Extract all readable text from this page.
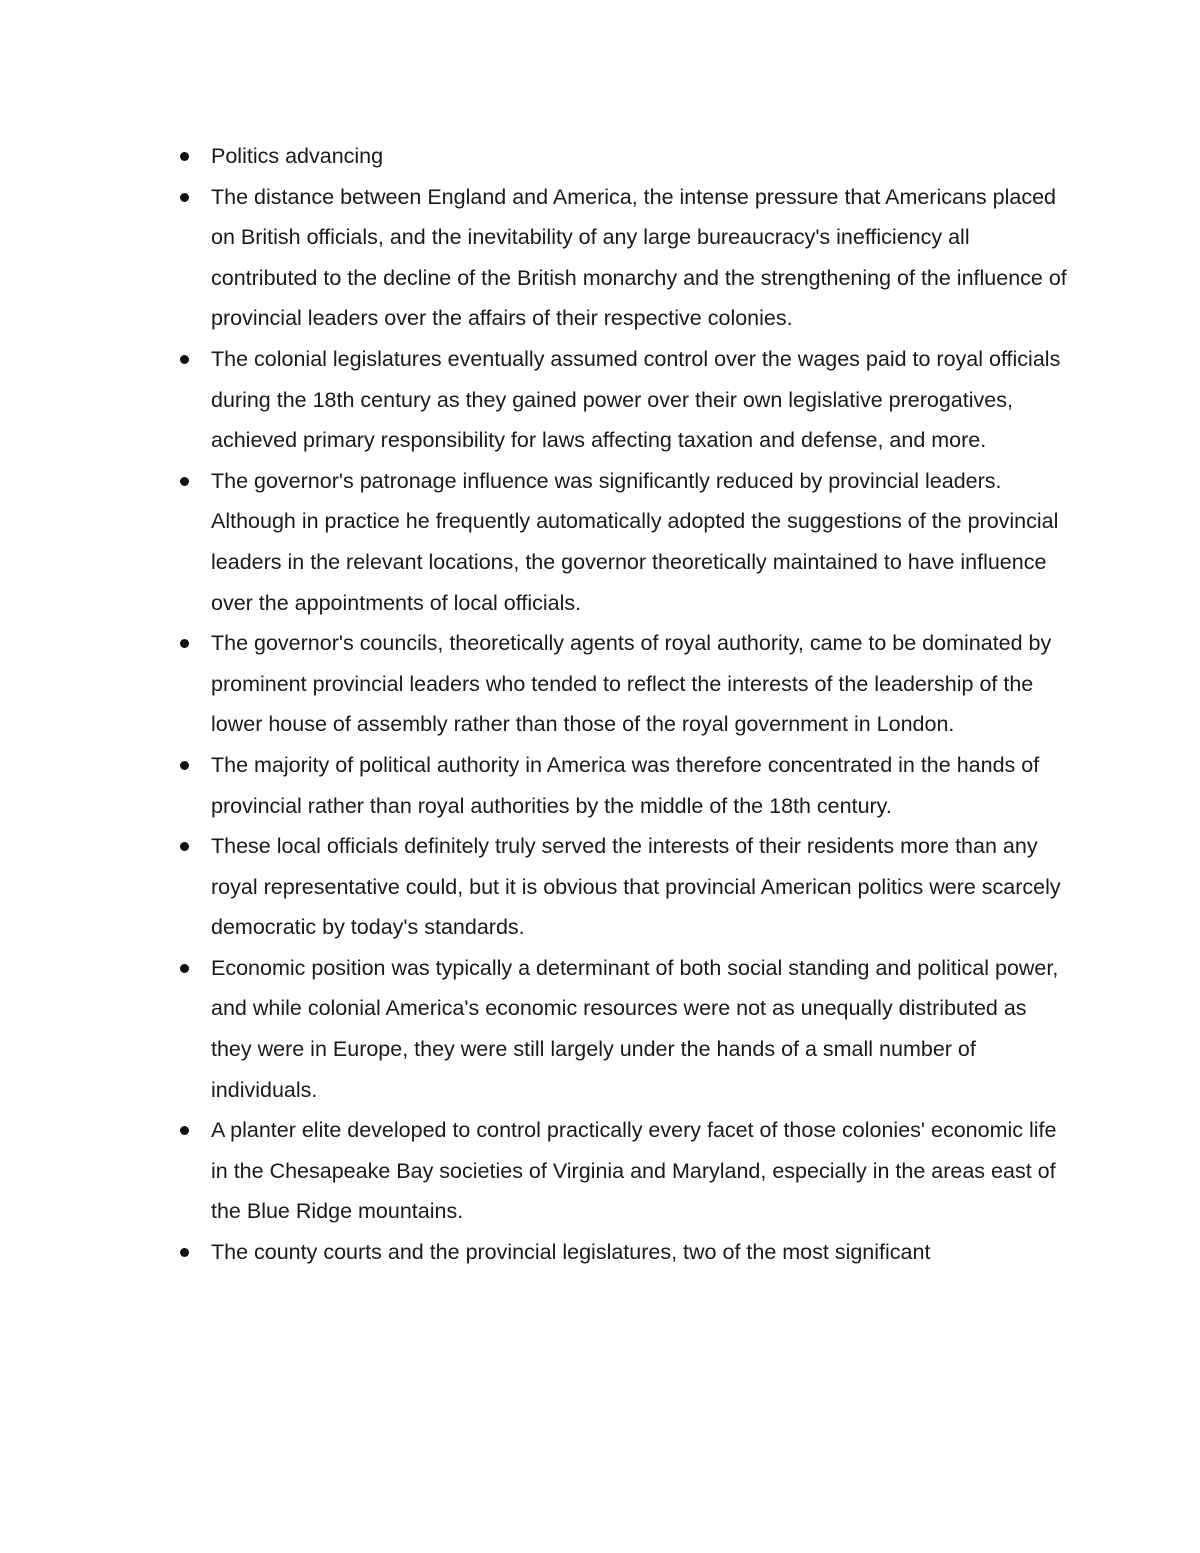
Politics advancing
The distance between England and America, the intense pressure that Americans placed on British officials, and the inevitability of any large bureaucracy's inefficiency all contributed to the decline of the British monarchy and the strengthening of the influence of provincial leaders over the affairs of their respective colonies.
The colonial legislatures eventually assumed control over the wages paid to royal officials during the 18th century as they gained power over their own legislative prerogatives, achieved primary responsibility for laws affecting taxation and defense, and more.
The governor's patronage influence was significantly reduced by provincial leaders. Although in practice he frequently automatically adopted the suggestions of the provincial leaders in the relevant locations, the governor theoretically maintained to have influence over the appointments of local officials.
The governor's councils, theoretically agents of royal authority, came to be dominated by prominent provincial leaders who tended to reflect the interests of the leadership of the lower house of assembly rather than those of the royal government in London.
The majority of political authority in America was therefore concentrated in the hands of provincial rather than royal authorities by the middle of the 18th century.
These local officials definitely truly served the interests of their residents more than any royal representative could, but it is obvious that provincial American politics were scarcely democratic by today's standards.
Economic position was typically a determinant of both social standing and political power, and while colonial America's economic resources were not as unequally distributed as they were in Europe, they were still largely under the hands of a small number of individuals.
A planter elite developed to control practically every facet of those colonies' economic life in the Chesapeake Bay societies of Virginia and Maryland, especially in the areas east of the Blue Ridge mountains.
The county courts and the provincial legislatures, two of the most significant
